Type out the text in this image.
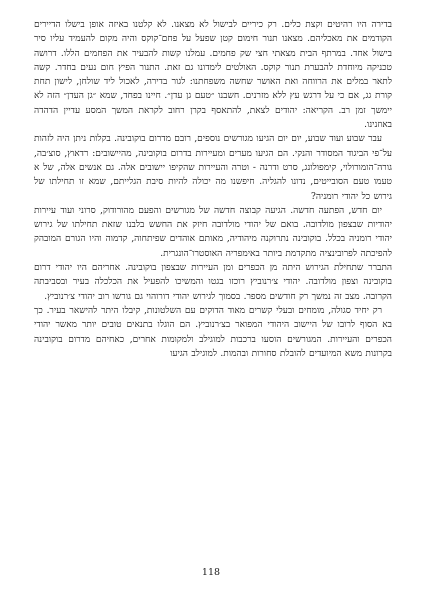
בדירה היו רהיטים וקצת כלים. רק כיריים לבישול לא מצאנו. לא קלטנו באיזה אופן בישלו הדיירים הקודמים את מאכליהם. מצאנו תנור חימום קטן שפעל על פחם־קוקס והיה מקום להעמיד עליו סיר בישול אחד. במרתף הבית מצאתי חצי שק פחמים. עמלנו קשות להבעיר את הפחמים הללו. דרושה טכניקה מיוחדת להבערת תנור קוקס. האולטים לימדונו גם זאת. התנור הפיץ חום נעים בחדר. קשה לתאר במלים את הרווחה ואת האושר שחשה משפחתנו: לגור בדירה, לאכול ליד שולחן, לישון תחת קורת גג, אם כי על דרגש עץ ללא מזרנים. חשבנו ״טעם גן עדן״. חיינו בפחד, שמא ״גן העדן״ הזה לא יימשך זמן רב. הקריאה: יהודים לצאת, להתאסף בקרן רחוב לקראת המשך המסע עדיין הדהדה באוזנינו.

עבר שבוע ועוד שבוע, יום יום הגיעו מגורשים נוספים, רובם מדרום בוקובינה. בקלות ניתן היה לזהות על־פי הביגוד המסודר והנקי. הם הגיעו מערים ומעיירות בדרום בוקובינה, מהיישובים: רדאוץ, סוצ׳בה, גורה־הומורולוי, קימפולונג, סרט ודרנה - וטרה והעיירות שהקיפו יישובים אלה. גם אנשים אלה, של א טעמו טעם הסובייטים, נדונו להגליה. חיפשנו מה יכולה להיות סיבת הגלייתם, שמא זו תחילתו של גירוש כל יהודי רומניה?

יום חדש, הפתעה חדשה. הגיעה קבוצה חדשה של מגורשים והפעם מהורודוק, סרוני ועוד עיירות יהודיות שבצפון מולדובה. בואם של יהודי מולדובה חיזק את החשש בלבנו שזאת תחילתו של גירוש יהודי רומניה בכלל. בוקובינה נתרוקנה מיהודיה, מאותם אוהדים שפיתחוה, קדמוה והיו הגורם המובהק להפיכתה לפרובינציה מתקדמת ביותר באימפריה האוסטרו־הונגרית.

התברר שתחילת הגירוש היתה מן הכפרים ומן העיירות שבצפון בוקובינה. אחריהם היו יהודי דרום בוקובינה וצפון מולדובה. יהודי צ׳רנוביץ רוכזו בגטו והמשיכו להפעיל את הכלכלה בעיר ובסביבתה הקרובה. מצב זה נמשך רק חודשים מספר. בסמוך לגירוש יהודי דורוהוי גם גורשו רוב יהודי צ׳רנוביץ.

רק יחיד סגולה, מומחים ובעלי קשרים מאוד הדוקים עם השלטונות, קיבלו היתר להישאר בעיר. כך בא הסוף לרובו של היישוב היהודי המפואר בצ׳רנוביץ. הם הוגלו בתנאים טובים יותר מאשר יהודי הכפרים והעיירות. המגורשים הוסעו ברכבות למוגילב ולמקומות אחרים, כאחיהם מדרום בוקובינה בקרונות משא המיועדים להובלת סחורות ובהמות. למוגילב הגיעו

118
